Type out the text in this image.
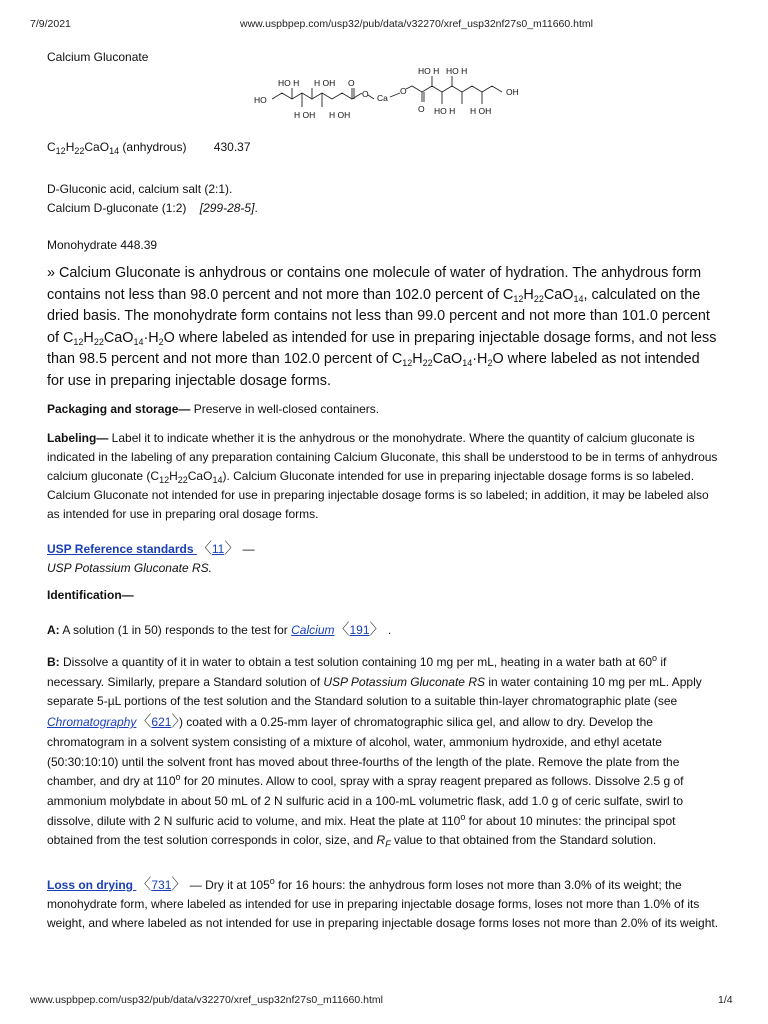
7/9/2021	www.uspbpep.com/usp32/pub/data/v32270/xref_usp32nf27s0_m11660.html
Calcium Gluconate
HO H H OH O
HO
O Ca
O
H OH H OH
HO H HO H
O HO H H OH
OH
$C_{12}H_{22}CaO_{14}$ (anhydrous) 430.37
D-Gluconic acid, calcium salt (2:1).
Calcium D-gluconate (1:2) [299-28-5].
Monohydrate 448.39
» Calcium Gluconate is anhydrous or contains one molecule of water of hydration. The anhydrous form contains not less than 98.0 percent and not more than 102.0 percent of $C_{12}H_{22}CaO_{14}$, calculated on the dried basis. The monohydrate form contains not less than 99.0 percent and not more than 101.0 percent of $C_{12}H_{22}CaO_{14}\cdot H_2O$ where labeled as intended for use in preparing injectable dosage forms, and not less than 98.5 percent and not more than 102.0 percent of $C_{12}H_{22}CaO_{14}\cdot H_2O$ where labeled as not intended for use in preparing injectable dosage forms.
Packaging and storage— Preserve in well-closed containers.
Labeling— Label it to indicate whether it is the anhydrous or the monohydrate. Where the quantity of calcium gluconate is indicated in the labeling of any preparation containing Calcium Gluconate, this shall be understood to be in terms of anhydrous calcium gluconate $(C_{12}H_{22}CaO_{14})$. Calcium Gluconate intended for use in preparing injectable dosage forms is so labeled. Calcium Gluconate not intended for use in preparing injectable dosage forms is so labeled; in addition, it may be labeled also as intended for use in preparing oral dosage forms.
USP Reference standards 〈11〉 —
USP Potassium Gluconate RS.
Identification—
A: A solution (1 in 50) responds to the test for Calcium〈191〉 .
B: Dissolve a quantity of it in water to obtain a test solution containing 10 mg per mL, heating in a water bath at 60$^o$ if necessary. Similarly, prepare a Standard solution of USP Potassium Gluconate RS in water containing 10 mg per mL. Apply separate 5-µL portions of the test solution and the Standard solution to a suitable thin-layer chromatographic plate (see Chromatography〈621〉) coated with a 0.25-mm layer of chromatographic silica gel, and allow to dry. Develop the chromatogram in a solvent system consisting of a mixture of alcohol, water, ammonium hydroxide, and ethyl acetate (50:30:10:10) until the solvent front has moved about three-fourths of the length of the plate. Remove the plate from the chamber, and dry at 110$^o$ for 20 minutes. Allow to cool, spray with a spray reagent prepared as follows. Dissolve 2.5 g of ammonium molybdate in about 50 mL of 2 N sulfuric acid in a 100-mL volumetric flask, add 1.0 g of ceric sulfate, swirl to dissolve, dilute with 2 N sulfuric acid to volume, and mix. Heat the plate at 110$^o$ for about 10 minutes: the principal spot obtained from the test solution corresponds in color, size, and $R_F$ value to that obtained from the Standard solution.
Loss on drying 〈731〉 — Dry it at 105$^o$ for 16 hours: the anhydrous form loses not more than 3.0% of its weight; the monohydrate form, where labeled as intended for use in preparing injectable dosage forms, loses not more than 1.0% of its weight, and where labeled as not intended for use in preparing injectable dosage forms loses not more than 2.0% of its weight.
www.uspbpep.com/usp32/pub/data/v32270/xref_usp32nf27s0_m11660.html	1/4
